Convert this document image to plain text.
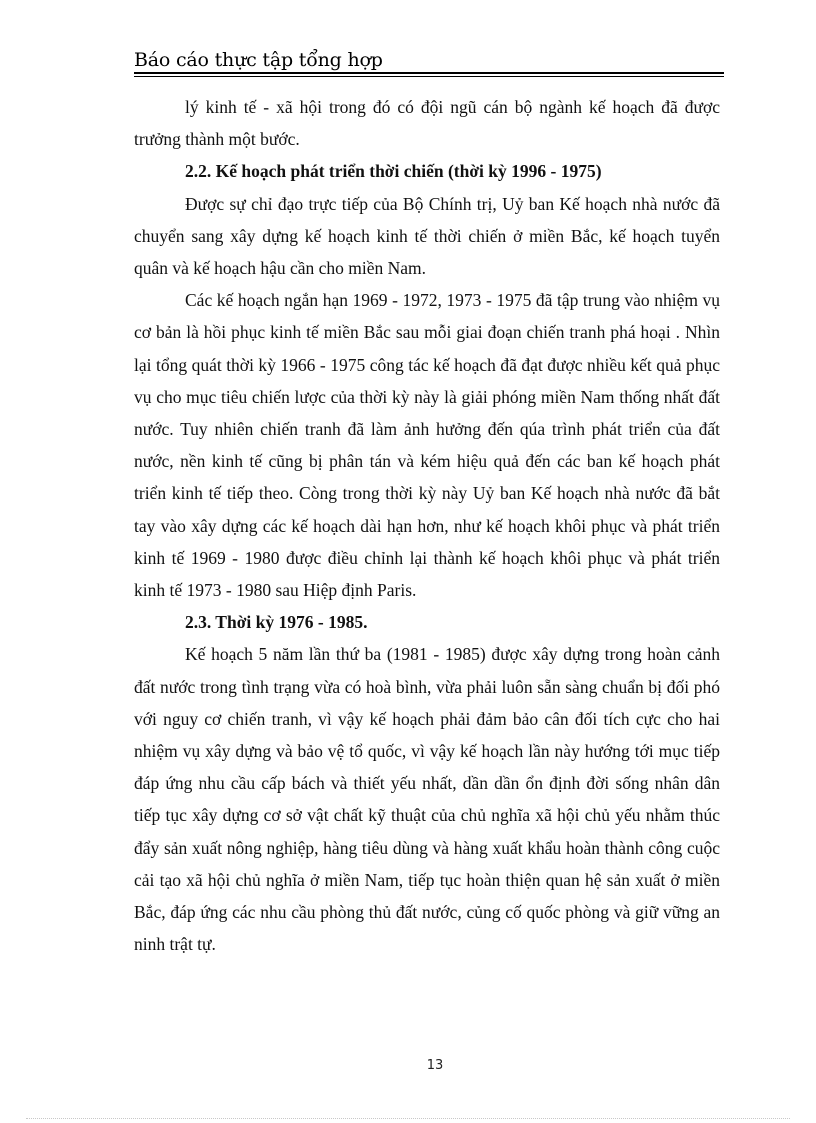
Báo cáo thực tập tổng hợp

lý kinh tế - xã hội trong đó có đội ngũ cán bộ ngành kế hoạch đã được trưởng thành một bước.

2.2. Kế hoạch phát triển thời chiến (thời kỳ 1996 - 1975)

Được sự chỉ đạo trực tiếp của Bộ Chính trị, Uỷ ban Kế hoạch nhà nước đã chuyển sang xây dựng kế hoạch kinh tế thời chiến ở miền Bắc, kế hoạch tuyển quân và kế hoạch hậu cần cho miền Nam.

Các kế hoạch ngắn hạn 1969 - 1972, 1973 - 1975 đã tập trung vào nhiệm vụ cơ bản là hồi phục kinh tế miền Bắc sau mỗi giai đoạn chiến tranh phá hoại . Nhìn lại tổng quát thời kỳ 1966 - 1975 công tác kế hoạch đã đạt được nhiều kết quả phục vụ cho mục tiêu chiến lược của thời kỳ này là giải phóng miền Nam thống nhất đất nước. Tuy nhiên chiến tranh đã làm ảnh hưởng đến qúa trình phát triển của đất nước, nền kinh tế cũng bị phân tán và kém hiệu quả đến các ban kế hoạch phát triển kinh tế tiếp theo. Còng trong thời kỳ này Uỷ ban Kế hoạch nhà nước đã bắt tay vào xây dựng các kế hoạch dài hạn hơn, như kế hoạch khôi phục và phát triển kinh tế 1969 - 1980 được điều chỉnh lại thành kế hoạch khôi phục và phát triển kinh tế 1973 - 1980 sau Hiệp định Paris.

2.3. Thời kỳ 1976 - 1985.

Kế hoạch 5 năm lần thứ ba (1981 - 1985) được xây dựng trong hoàn cảnh đất nước trong tình trạng vừa có hoà bình, vừa phải luôn sẵn sàng chuẩn bị đối phó với nguy cơ chiến tranh, vì vậy kế hoạch phải đảm bảo cân đối tích cực cho hai nhiệm vụ xây dựng và bảo vệ tổ quốc, vì vậy kế hoạch lần này hướng tới mục tiếp đáp ứng nhu cầu cấp bách và thiết yếu nhất, dần dần ổn định đời sống nhân dân tiếp tục xây dựng cơ sở vật chất kỹ thuật của chủ nghĩa xã hội chủ yếu nhằm thúc đẩy sản xuất nông nghiệp, hàng tiêu dùng và hàng xuất khẩu hoàn thành công cuộc cải tạo xã hội chủ nghĩa ở miền Nam, tiếp tục hoàn thiện quan hệ sản xuất ở miền Bắc, đáp ứng các nhu cầu phòng thủ đất nước, củng cố quốc phòng và giữ vững an ninh trật tự.

13
